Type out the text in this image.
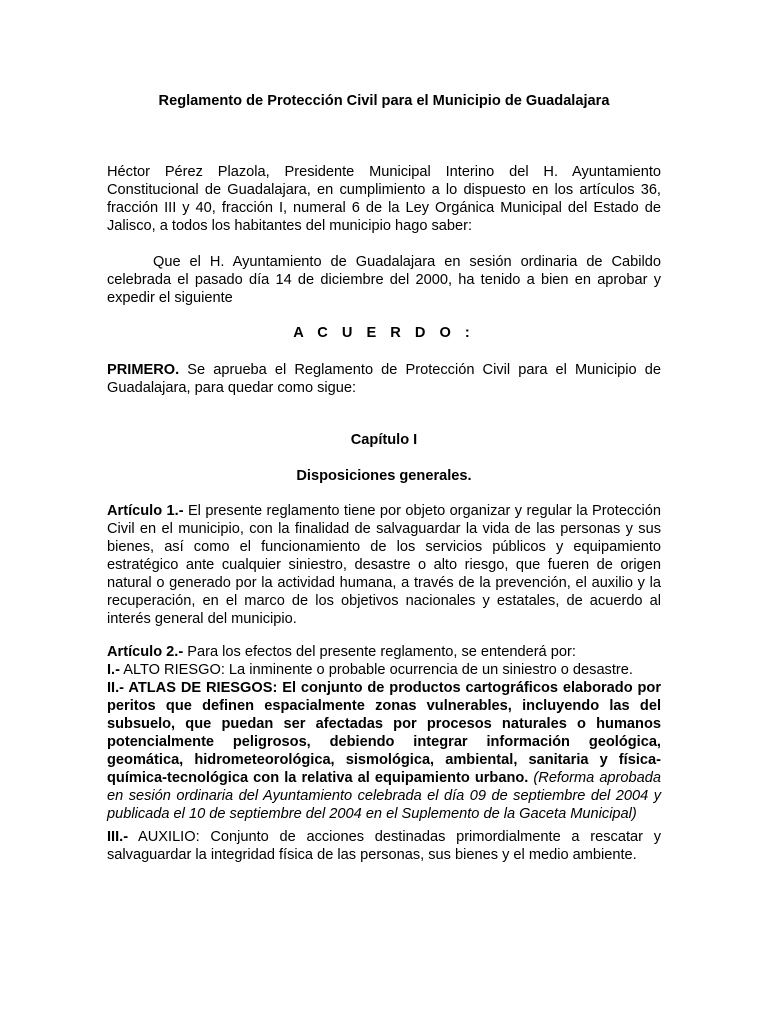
Reglamento de Protección Civil para el Municipio de Guadalajara

Héctor Pérez Plazola, Presidente Municipal Interino del H. Ayuntamiento Constitucional de Guadalajara, en cumplimiento a lo dispuesto en los artículos 36, fracción III y 40, fracción I, numeral 6 de la Ley Orgánica Municipal del Estado de Jalisco, a todos los habitantes del municipio hago saber:

Que el H. Ayuntamiento de Guadalajara en sesión ordinaria de Cabildo celebrada el pasado día 14 de diciembre del 2000, ha tenido a bien en aprobar y expedir el siguiente

A C U E R D O :

PRIMERO. Se aprueba el Reglamento de Protección Civil para el Municipio de Guadalajara, para quedar como sigue:

Capítulo I

Disposiciones generales.

Artículo 1.- El presente reglamento tiene por objeto organizar y regular la Protección Civil en el municipio, con la finalidad de salvaguardar la vida de las personas y sus bienes, así como el funcionamiento de los servicios públicos y equipamiento estratégico ante cualquier siniestro, desastre o alto riesgo, que fueren de origen natural o generado por la actividad humana, a través de la prevención, el auxilio y la recuperación, en el marco de los objetivos nacionales y estatales, de acuerdo al interés general del municipio.

Artículo 2.- Para los efectos del presente reglamento, se entenderá por:

I.- ALTO RIESGO: La inminente o probable ocurrencia de un siniestro o desastre.

II.- ATLAS DE RIESGOS: El conjunto de productos cartográficos elaborado por peritos que definen espacialmente zonas vulnerables, incluyendo las del subsuelo, que puedan ser afectadas por procesos naturales o humanos potencialmente peligrosos, debiendo integrar información geológica, geomática, hidrometeorológica, sismológica, ambiental, sanitaria y física-química-tecnológica con la relativa al equipamiento urbano. (Reforma aprobada en sesión ordinaria del Ayuntamiento celebrada el día 09 de septiembre del 2004 y publicada el 10 de septiembre del 2004 en el Suplemento de la Gaceta Municipal)

III.- AUXILIO: Conjunto de acciones destinadas primordialmente a rescatar y salvaguardar la integridad física de las personas, sus bienes y el medio ambiente.
